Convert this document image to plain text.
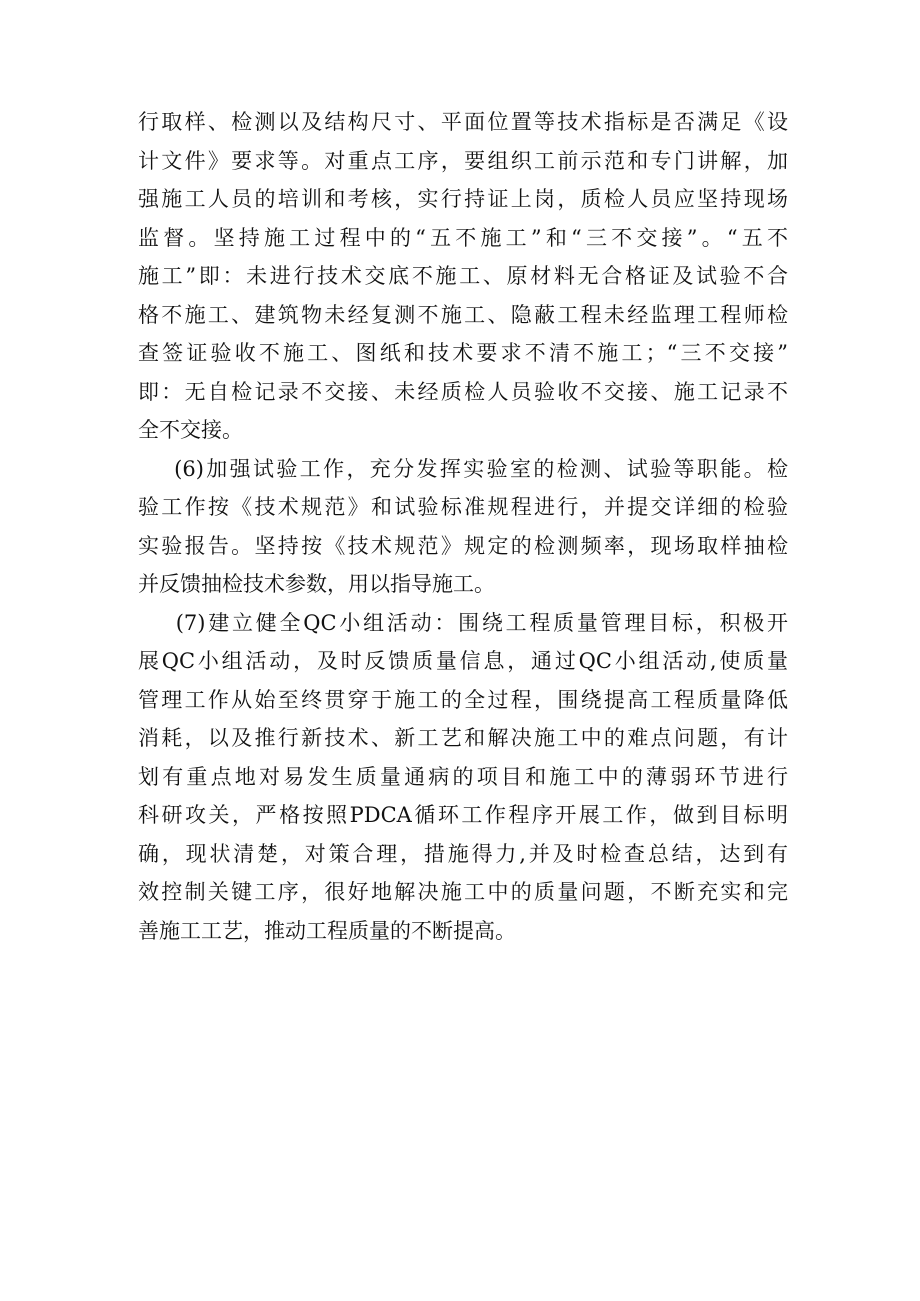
行取样、检测以及结构尺寸、平面位置等技术指标是否满足《设
计文件》要求等。对重点工序，要组织工前示范和专门讲解，加
强施工人员的培训和考核，实行持证上岗，质检人员应坚持现场
监督。坚持施工过程中的“五不施工”和“三不交接”。“五不
施工”即：未进行技术交底不施工、原材料无合格证及试验不合
格不施工、建筑物未经复测不施工、隐蔽工程未经监理工程师检
查签证验收不施工、图纸和技术要求不清不施工；“三不交接”
即：无自检记录不交接、未经质检人员验收不交接、施工记录不
全不交接。
(6)加强试验工作，充分发挥实验室的检测、试验等职能。检
验工作按《技术规范》和试验标准规程进行，并提交详细的检验
实验报告。坚持按《技术规范》规定的检测频率，现场取样抽检
并反馈抽检技术参数，用以指导施工。
(7)建立健全QC小组活动：围绕工程质量管理目标，积极开
展QC小组活动，及时反馈质量信息，通过QC小组活动,使质量
管理工作从始至终贯穿于施工的全过程，围绕提高工程质量降低
消耗，以及推行新技术、新工艺和解决施工中的难点问题，有计
划有重点地对易发生质量通病的项目和施工中的薄弱环节进行
科研攻关，严格按照PDCA循环工作程序开展工作，做到目标明
确，现状清楚，对策合理，措施得力,并及时检查总结，达到有
效控制关键工序，很好地解决施工中的质量问题，不断充实和完
善施工工艺，推动工程质量的不断提高。
